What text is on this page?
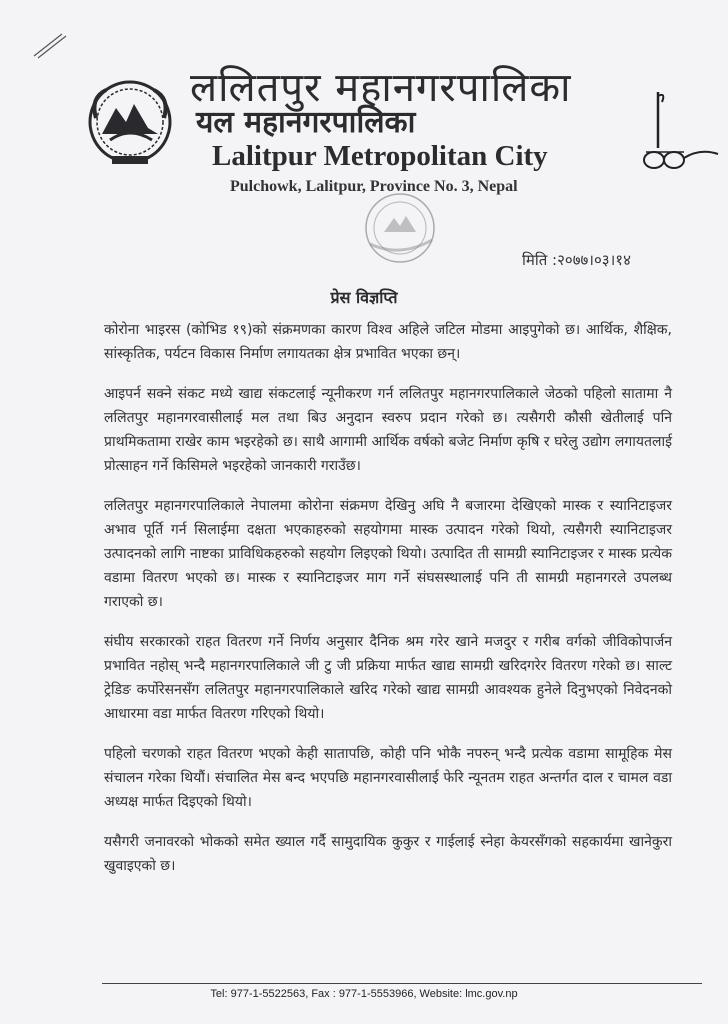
ललितपुर महानगरपालिका
यल महानगरपालिका
Lalitpur Metropolitan City
Pulchowk, Lalitpur, Province No. 3, Nepal
मिति :२०७७।०३।१४
प्रेस विज्ञप्ति

कोरोना भाइरस (कोभिड १९)को संक्रमणका कारण विश्व अहिले जटिल मोडमा आइपुगेको छ। आर्थिक, शैक्षिक, सांस्कृतिक, पर्यटन विकास निर्माण लगायतका क्षेत्र प्रभावित भएका छन्।

आइपर्न सक्ने संकट मध्ये खाद्य संकटलाई न्यूनीकरण गर्न ललितपुर महानगरपालिकाले जेठको पहिलो सातामा नै ललितपुर महानगरवासीलाई मल तथा बिउ अनुदान स्वरुप प्रदान गरेको छ। त्यसैगरी कौसी खेतीलाई पनि प्राथमिकतामा राखेर काम भइरहेको छ। साथै आगामी आर्थिक वर्षको बजेट निर्माण कृषि र घरेलु उद्योग लगायतलाई प्रोत्साहन गर्ने किसिमले भइरहेको जानकारी गराउँछ।

ललितपुर महानगरपालिकाले नेपालमा कोरोना संक्रमण देखिनु अघि नै बजारमा देखिएको मास्क र स्यानिटाइजर अभाव पूर्ति गर्न सिलाईमा दक्षता भएकाहरुको सहयोगमा मास्क उत्पादन गरेको थियो, त्यसैगरी स्यानिटाइजर उत्पादनको लागि नाष्टका प्राविधिकहरुको सहयोग लिइएको थियो। उत्पादित ती सामग्री स्यानिटाइजर र मास्क प्रत्येक वडामा वितरण भएको छ। मास्क र स्यानिटाइजर माग गर्ने संघसस्थालाई पनि ती सामग्री महानगरले उपलब्ध गराएको छ।

संघीय सरकारको राहत वितरण गर्ने निर्णय अनुसार दैनिक श्रम गरेर खाने मजदुर र गरीब वर्गको जीविकोपार्जन प्रभावित नहोस् भन्दै महानगरपालिकाले जी टु जी प्रक्रिया मार्फत खाद्य सामग्री खरिदगरेर वितरण गरेको छ। साल्ट ट्रेडिङ कर्पोरेसनसँग ललितपुर महानगरपालिकाले खरिद गरेको खाद्य सामग्री आवश्यक हुनेले दिनुभएको निवेदनको आधारमा वडा मार्फत वितरण गरिएको थियो।

पहिलो चरणको राहत वितरण भएको केही सातापछि, कोही पनि भोकै नपरुन् भन्दै प्रत्येक वडामा सामूहिक मेस संचालन गरेका थियौं। संचालित मेस बन्द भएपछि महानगरवासीलाई फेरि न्यूनतम राहत अन्तर्गत दाल र चामल वडा अध्यक्ष मार्फत दिइएको थियो।

यसैगरी जनावरको भोकको समेत ख्याल गर्दै सामुदायिक कुकुर र गाईलाई स्नेहा केयरसँगको सहकार्यमा खानेकुरा खुवाइएको छ।

Tel: 977-1-5522563, Fax : 977-1-5553966, Website: lmc.gov.np
